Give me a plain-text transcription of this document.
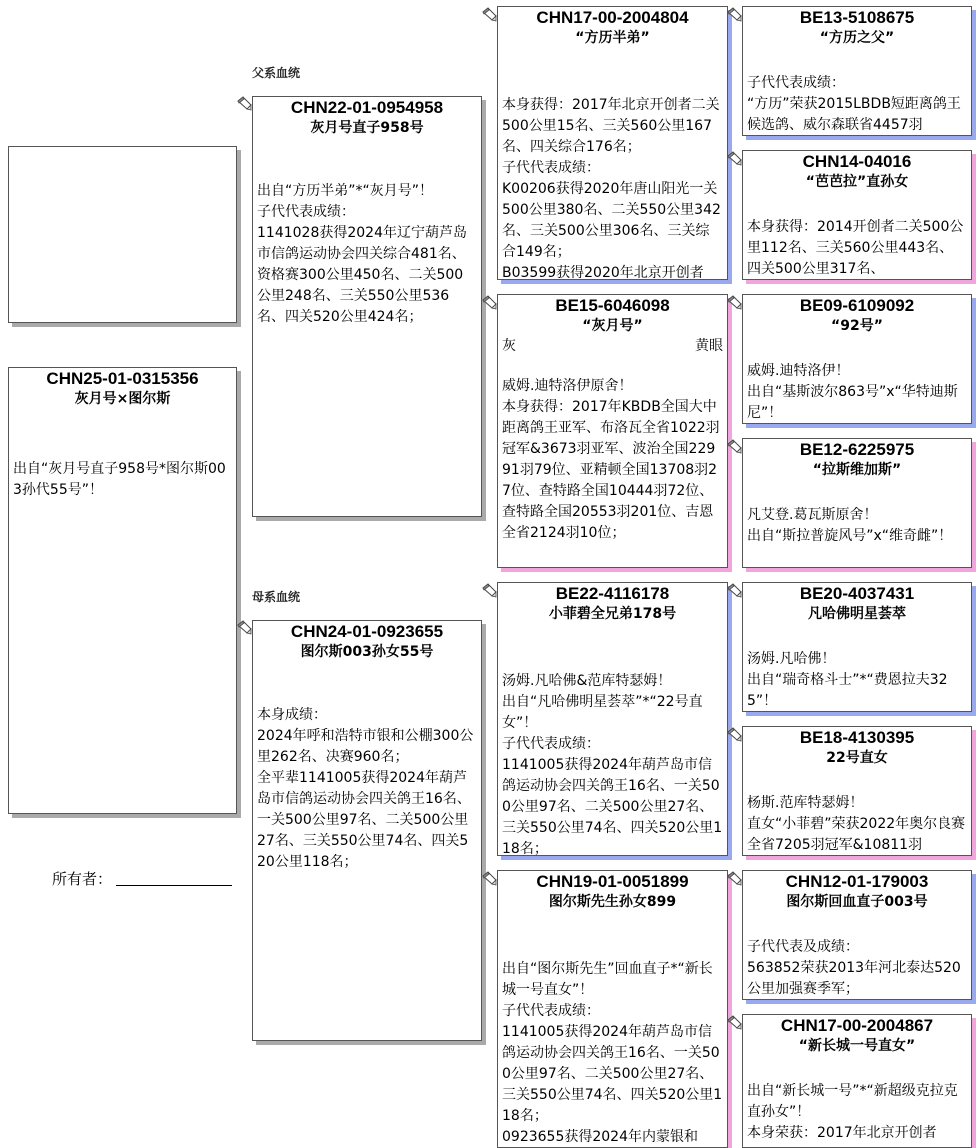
父系血统
母系血统
CHN25-01-0315356
灰月号×图尔斯
出自“灰月号直子958号*图尔斯003孙代55号”！
所有者：
CHN22-01-0954958
灰月号直子958号
出自“方历半弟”*“灰月号”！
子代代表成绩：
1141028获得2024年辽宁葫芦岛市信鸽运动协会四关综合481名、资格赛300公里450名、二关500公里248名、三关550公里536名、四关520公里424名；
CHN24-01-0923655
图尔斯003孙女55号
本身成绩：
2024年呼和浩特市银和公棚300公里262名、决赛960名；
全平辈1141005获得2024年葫芦岛市信鸽运动协会四关鸽王16名、一关500公里97名、二关500公里27名、三关550公里74名、四关520公里118名；
CHN17-00-2004804
“方历半弟”
本身获得：2017年北京开创者二关500公里15名、三关560公里167名、四关综合176名；
子代代表成绩：
K00206获得2020年唐山阳光一关500公里380名、二关550公里342名、三关500公里306名、三关综合149名；
B03599获得2020年北京开创者
BE15-6046098
“灰月号”
灰	黄眼
威姆.迪特洛伊原舍！
本身获得：2017年KBDB全国大中距离鸽王亚军、布洛瓦全省1022羽冠军&3673羽亚军、波治全国22991羽79位、亚精顿全国13708羽27位、查特路全国10444羽72位、查特路全国20553羽201位、吉恩全省2124羽10位；
BE22-4116178
小菲碧全兄弟178号
汤姆.凡哈佛&范库特瑟姆！
出自“凡哈佛明星荟萃”*“22号直女”！
子代代表成绩：
1141005获得2024年葫芦岛市信鸽运动协会四关鸽王16名、一关500公里97名、二关500公里27名、三关550公里74名、四关520公里118名；
CHN19-01-0051899
图尔斯先生孙女899
出自“图尔斯先生”回血直子*“新长城一号直女”！
子代代表成绩：
1141005获得2024年葫芦岛市信鸽运动协会四关鸽王16名、一关500公里97名、二关500公里27名、三关550公里74名、四关520公里118名；
0923655获得2024年内蒙银和
BE13-5108675
“方历之父”
子代代表成绩：
“方历”荣获2015LBDB短距离鸽王候选鸽、威尔森联省4457羽
CHN14-04016
“芭芭拉”直孙女
本身获得：2014开创者二关500公里112名、三关560公里443名、四关500公里317名、
BE09-6109092
“92号”
威姆.迪特洛伊！
出自“基斯波尔863号”x“华特迪斯尼”！
BE12-6225975
“拉斯维加斯”
凡艾登.葛瓦斯原舍！
出自“斯拉普旋风号”x“维奇雌”！
BE20-4037431
凡哈佛明星荟萃
汤姆.凡哈佛！
出自“瑞奇格斗士”*“费恩拉夫325”！
BE18-4130395
22号直女
杨斯.范库特瑟姆！
直女“小菲碧”荣获2022年奥尔良赛全省7205羽冠军&10811羽
CHN12-01-179003
图尔斯回血直子003号
子代代表及成绩：
563852荣获2013年河北泰达520公里加强赛季军；
CHN17-00-2004867
“新长城一号直女”
出自“新长城一号”*“新超级克拉克直孙女”！
本身荣获：2017年北京开创者
